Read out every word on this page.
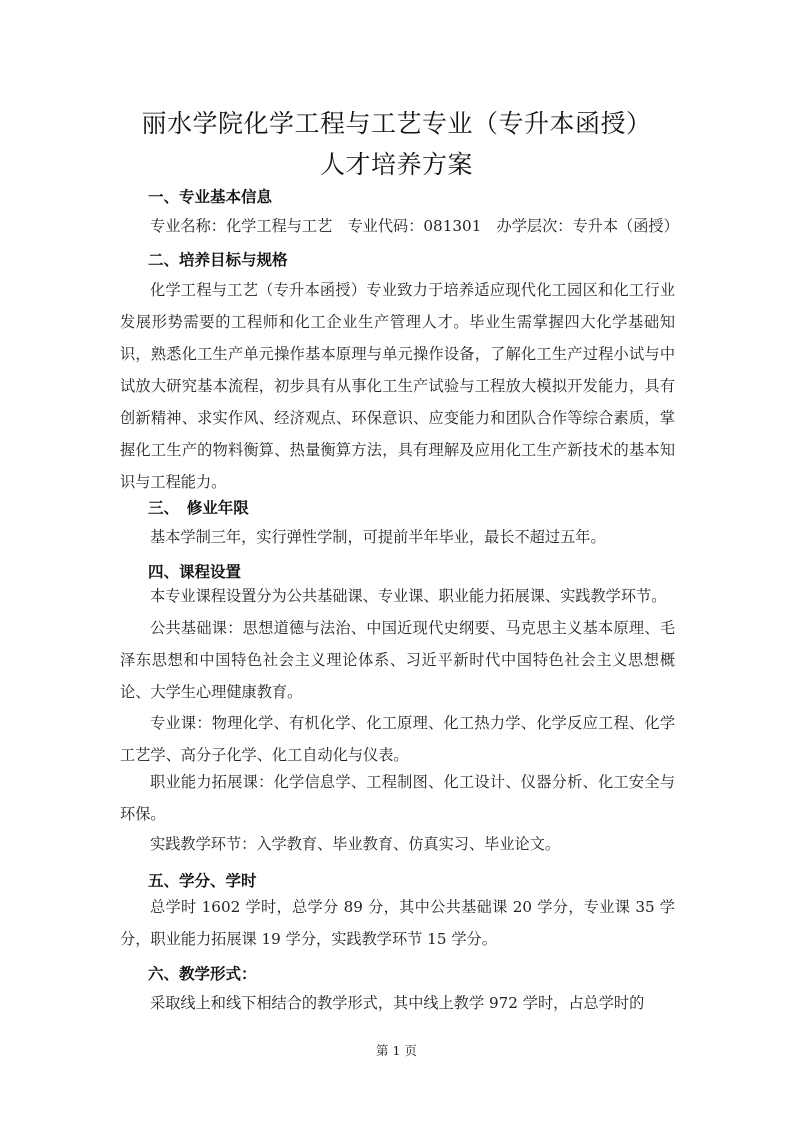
丽水学院化学工程与工艺专业（专升本函授）
人才培养方案
一、专业基本信息
专业名称：化学工程与工艺　专业代码：081301　办学层次：专升本（函授）
二、培养目标与规格
化学工程与工艺（专升本函授）专业致力于培养适应现代化工园区和化工行业发展形势需要的工程师和化工企业生产管理人才。毕业生需掌握四大化学基础知识，熟悉化工生产单元操作基本原理与单元操作设备，了解化工生产过程小试与中试放大研究基本流程，初步具有从事化工生产试验与工程放大模拟开发能力，具有创新精神、求实作风、经济观点、环保意识、应变能力和团队合作等综合素质，掌握化工生产的物料衡算、热量衡算方法，具有理解及应用化工生产新技术的基本知识与工程能力。
三、　修业年限
基本学制三年，实行弹性学制，可提前半年毕业，最长不超过五年。
四、课程设置
本专业课程设置分为公共基础课、专业课、职业能力拓展课、实践教学环节。
公共基础课：思想道德与法治、中国近现代史纲要、马克思主义基本原理、毛泽东思想和中国特色社会主义理论体系、习近平新时代中国特色社会主义思想概论、大学生心理健康教育。
专业课：物理化学、有机化学、化工原理、化工热力学、化学反应工程、化学工艺学、高分子化学、化工自动化与仪表。
职业能力拓展课：化学信息学、工程制图、化工设计、仪器分析、化工安全与环保。
实践教学环节：入学教育、毕业教育、仿真实习、毕业论文。
五、学分、学时
总学时 1602 学时，总学分 89 分，其中公共基础课 20 学分，专业课 35 学分，职业能力拓展课 19 学分，实践教学环节 15 学分。
六、教学形式：
采取线上和线下相结合的教学形式，其中线上教学 972 学时，占总学时的
第 1 页
